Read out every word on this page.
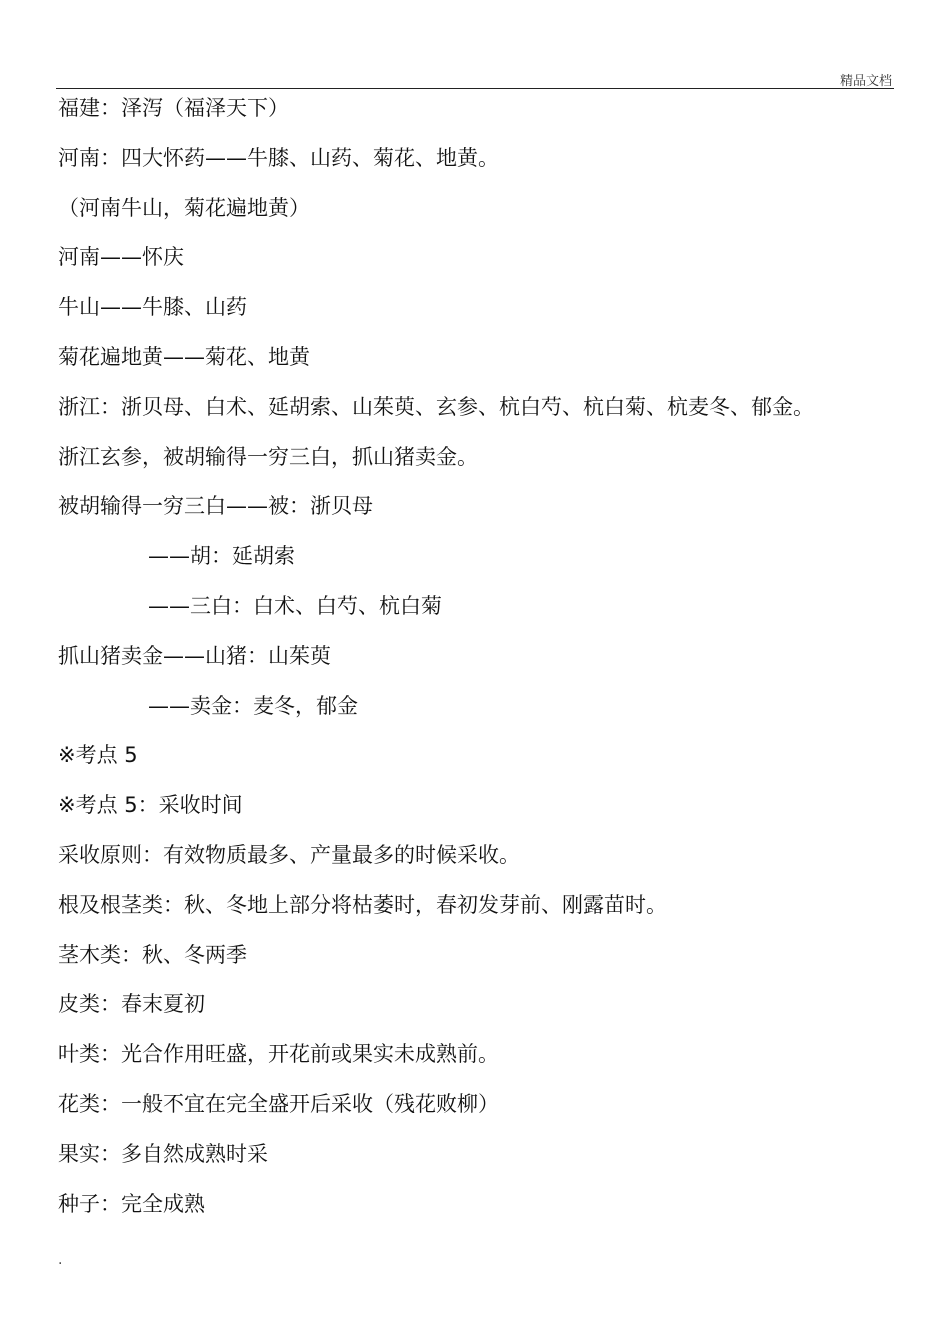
精品文档
福建：泽泻（福泽天下）
河南：四大怀药——牛膝、山药、菊花、地黄。
（河南牛山，菊花遍地黄）
河南——怀庆
牛山——牛膝、山药
菊花遍地黄——菊花、地黄
浙江：浙贝母、白术、延胡索、山茱萸、玄参、杭白芍、杭白菊、杭麦冬、郁金。
浙江玄参，被胡输得一穷三白，抓山猪卖金。
被胡输得一穷三白——被：浙贝母
——胡：延胡索
——三白：白术、白芍、杭白菊
抓山猪卖金——山猪：山茱萸
——卖金：麦冬，郁金
※考点 5
※考点 5：采收时间
采收原则：有效物质最多、产量最多的时候采收。
根及根茎类：秋、冬地上部分将枯萎时，春初发芽前、刚露苗时。
茎木类：秋、冬两季
皮类：春末夏初
叶类：光合作用旺盛，开花前或果实未成熟前。
花类：一般不宜在完全盛开后采收（残花败柳）
果实：多自然成熟时采
种子：完全成熟
.
